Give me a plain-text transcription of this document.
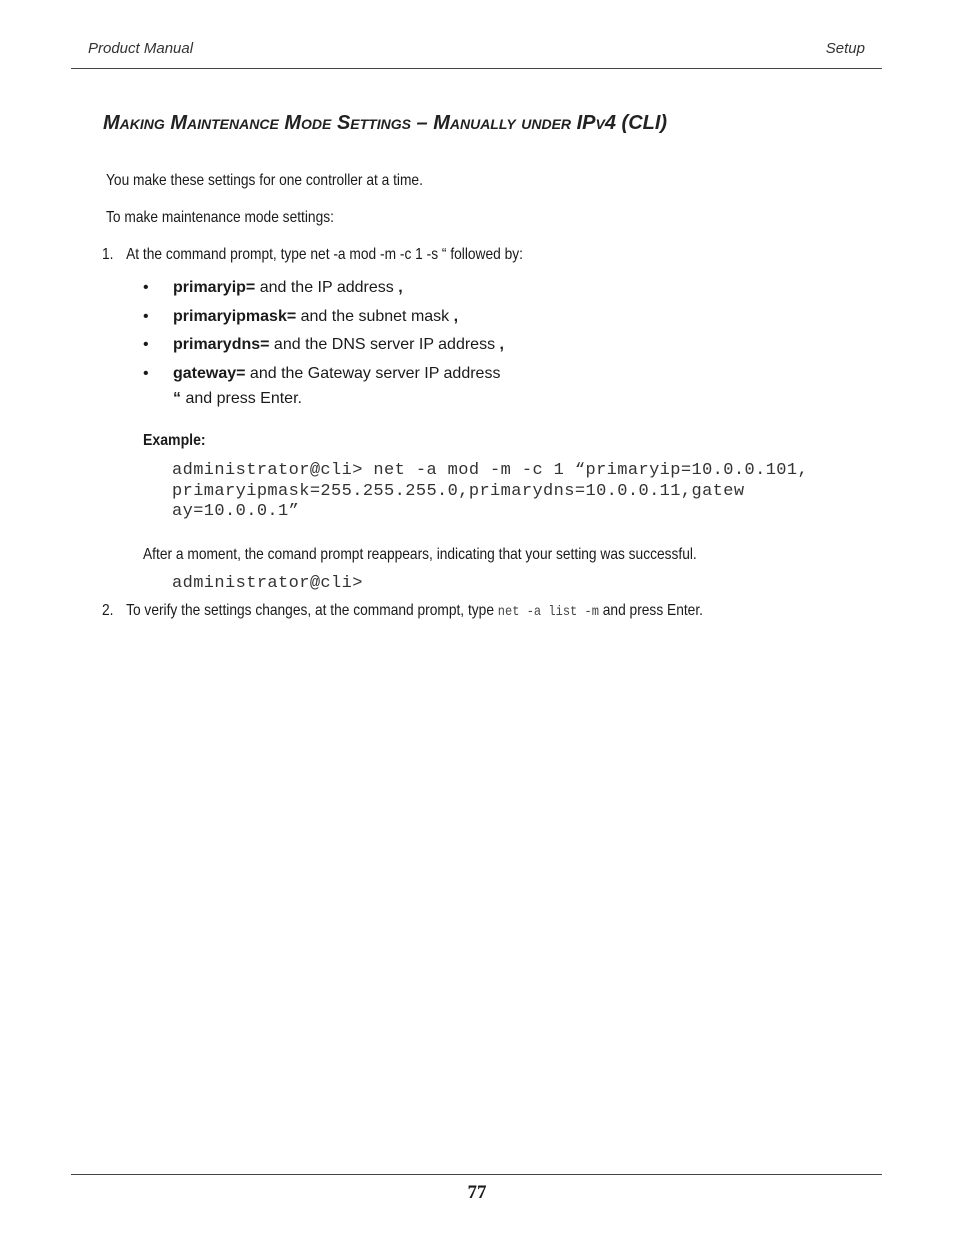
Product Manual	Setup
Making Maintenance Mode Settings – Manually under IPv4 (CLI)
You make these settings for one controller at a time.
To make maintenance mode settings:
1. At the command prompt, type net -a mod -m -c 1 -s “ followed by:
• primaryip= and the IP address ,
• primaryipmask= and the subnet mask ,
• primarydns= and the DNS server IP address ,
• gateway= and the Gateway server IP address
“ and press Enter.
Example:
administrator@cli> net -a mod -m -c 1 “primaryip=10.0.0.101,
primaryipmask=255.255.255.0,primarydns=10.0.0.11,gatew
ay=10.0.0.1”
After a moment, the comand prompt reappears, indicating that your setting was successful.
administrator@cli>
2. To verify the settings changes, at the command prompt, type net -a list -m and press Enter.
77
